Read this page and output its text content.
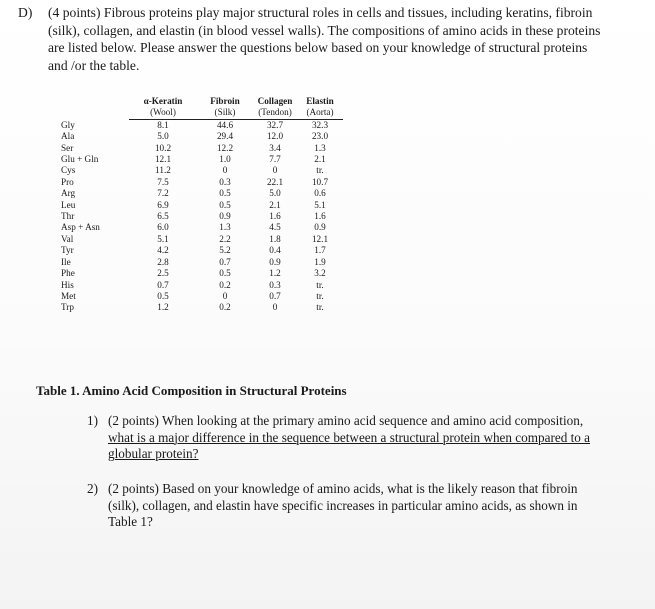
D) (4 points) Fibrous proteins play major structural roles in cells and tissues, including keratins, fibroin
(silk), collagen, and elastin (in blood vessel walls). The compositions of amino acids in these proteins
are listed below. Please answer the questions below based on your knowledge of structural proteins
and /or the table.
	α-Keratin	Fibroin	Collagen	Elastin
	(Wool)	(Silk)	(Tendon)	(Aorta)

Gly	8.1	44.6	32.7	32.3
Ala	5.0	29.4	12.0	23.0
Ser	10.2	12.2	3.4	1.3
Glu + Gln	12.1	1.0	7.7	2.1
Cys	11.2	0	0	tr.
Pro	7.5	0.3	22.1	10.7
Arg	7.2	0.5	5.0	0.6
Leu	6.9	0.5	2.1	5.1
Thr	6.5	0.9	1.6	1.6
Asp + Asn	6.0	1.3	4.5	0.9
Val	5.1	2.2	1.8	12.1
Tyr	4.2	5.2	0.4	1.7
Ile	2.8	0.7	0.9	1.9
Phe	2.5	0.5	1.2	3.2
His	0.7	0.2	0.3	tr.
Met	0.5	0	0.7	tr.
Trp	1.2	0.2	0	tr.
Table 1. Amino Acid Composition in Structural Proteins
1) (2 points) When looking at the primary amino acid sequence and amino acid composition,
what is a major difference in the sequence between a structural protein when compared to a
globular protein?
2) (2 points) Based on your knowledge of amino acids, what is the likely reason that fibroin
(silk), collagen, and elastin have specific increases in particular amino acids, as shown in
Table 1?
